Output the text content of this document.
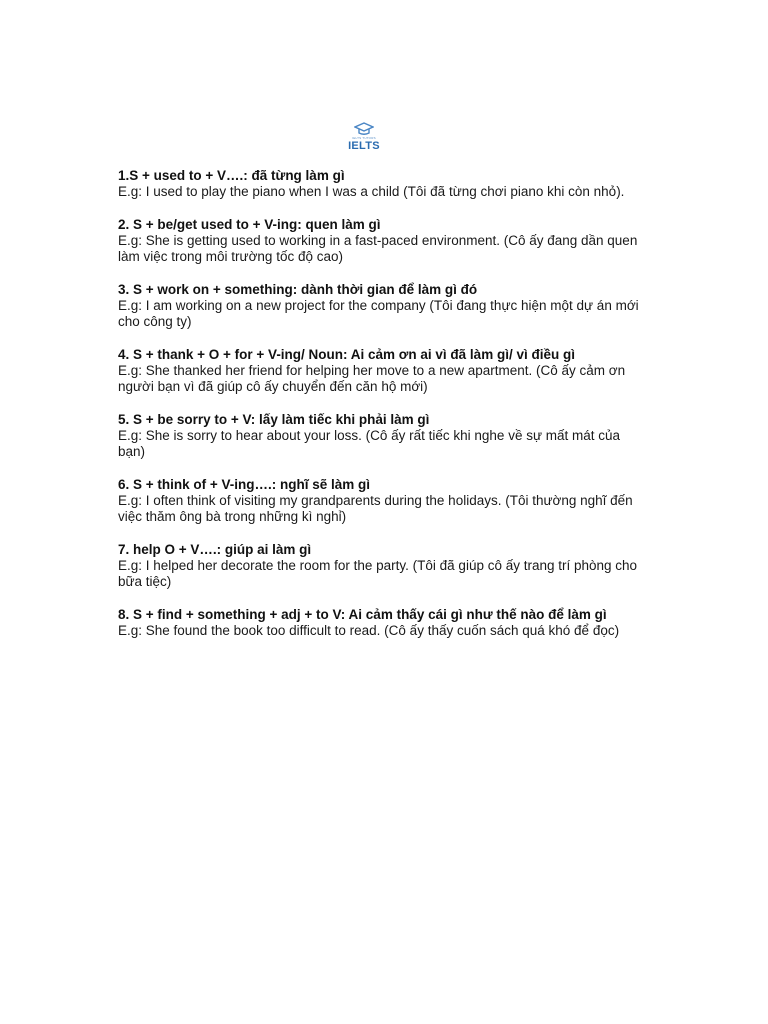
IELTS TUTORS
IELTS
1.S + used to + V….: đã từng làm gì
E.g: I used to play the piano when I was a child (Tôi đã từng chơi piano khi còn nhỏ).
2. S + be/get used to + V-ing: quen làm gì
E.g: She is getting used to working in a fast-paced environment. (Cô ấy đang dần quen làm việc trong môi trường tốc độ cao)
3. S + work on + something: dành thời gian để làm gì đó
E.g: I am working on a new project for the company (Tôi đang thực hiện một dự án mới cho công ty)
4. S + thank + O + for + V-ing/ Noun: Ai cảm ơn ai vì đã làm gì/ vì điều gì
E.g: She thanked her friend for helping her move to a new apartment. (Cô ấy cảm ơn người bạn vì đã giúp cô ấy chuyển đến căn hộ mới)
5. S + be sorry to + V: lấy làm tiếc khi phải làm gì
E.g: She is sorry to hear about your loss. (Cô ấy rất tiếc khi nghe về sự mất mát của bạn)
6. S + think of + V-ing….: nghĩ sẽ làm gì
E.g: I often think of visiting my grandparents during the holidays. (Tôi thường nghĩ đến việc thăm ông bà trong những kì nghỉ)
7. help O + V….: giúp ai làm gì
E.g: I helped her decorate the room for the party. (Tôi đã giúp cô ấy trang trí phòng cho bữa tiệc)
8. S + find + something + adj + to V: Ai cảm thấy cái gì như thế nào để làm gì
E.g: She found the book too difficult to read. (Cô ấy thấy cuốn sách quá khó để đọc)
